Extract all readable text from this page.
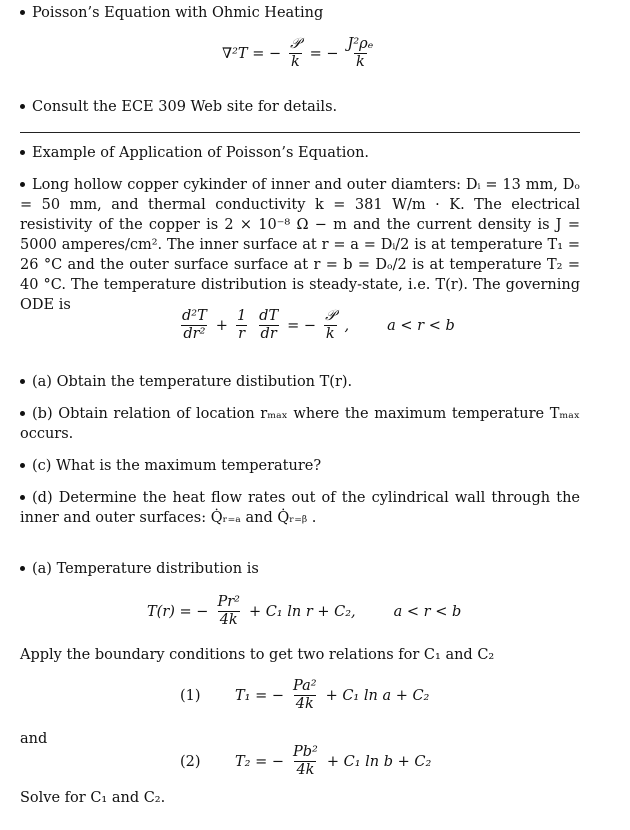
Poisson’s Equation with Ohmic Heating
∇²T = − $\frac{\text{𝒫}}{k}$ = − $\frac{\text{J²ρₑ}}{k}$
Consult the ECE 309 Web site for details.
Example of Application of Poisson’s Equation.
Long hollow copper cykinder of inner and outer diamters: Dᵢ = 13 mm, Dₒ = 50 mm, and thermal conductivity k = 381 W/m · K. The electrical resistivity of the copper is 2 × 10⁻⁸ Ω − m and the current density is J = 5000 amperes/cm². The inner surface at r = a = Dᵢ/2 is at temperature T₁ = 26 °C and the outer surface surface at r = b = Dₒ/2 is at temperature T₂ = 40 °C. The temperature distribution is steady-state, i.e. T(r). The governing ODE is
$\frac{\text{d²T}}{\text{dr²}} + \frac{1}{r} \frac{dT}{dr}$ = − $\frac{\text{𝒫}}{k}$ ,	a < r < b
(a) Obtain the temperature distibution T(r).
(b) Obtain relation of location rₘₐₓ where the maximum temperature Tₘₐₓ occurs.
(c) What is the maximum temperature?
(d) Determine the heat flow rates out of the cylindrical wall through the inner and outer surfaces: Q̇ᵣ₌ₐ and Q̇ᵣ₌ᵦ .
(a) Temperature distribution is
T(r) = − $\frac{\text{Pr²}}{4k} + C_1$ ln r + C₂,	a < r < b
Apply the boundary conditions to get two relations for C₁ and C₂
(1)	T₁ = − $\frac{\text{Pa²}}{4k} + C_1$ ln a + C₂
and
(2)	T₂ = − $\frac{\text{Pb²}}{4k} + C_1$ ln b + C₂
Solve for C₁ and C₂.
